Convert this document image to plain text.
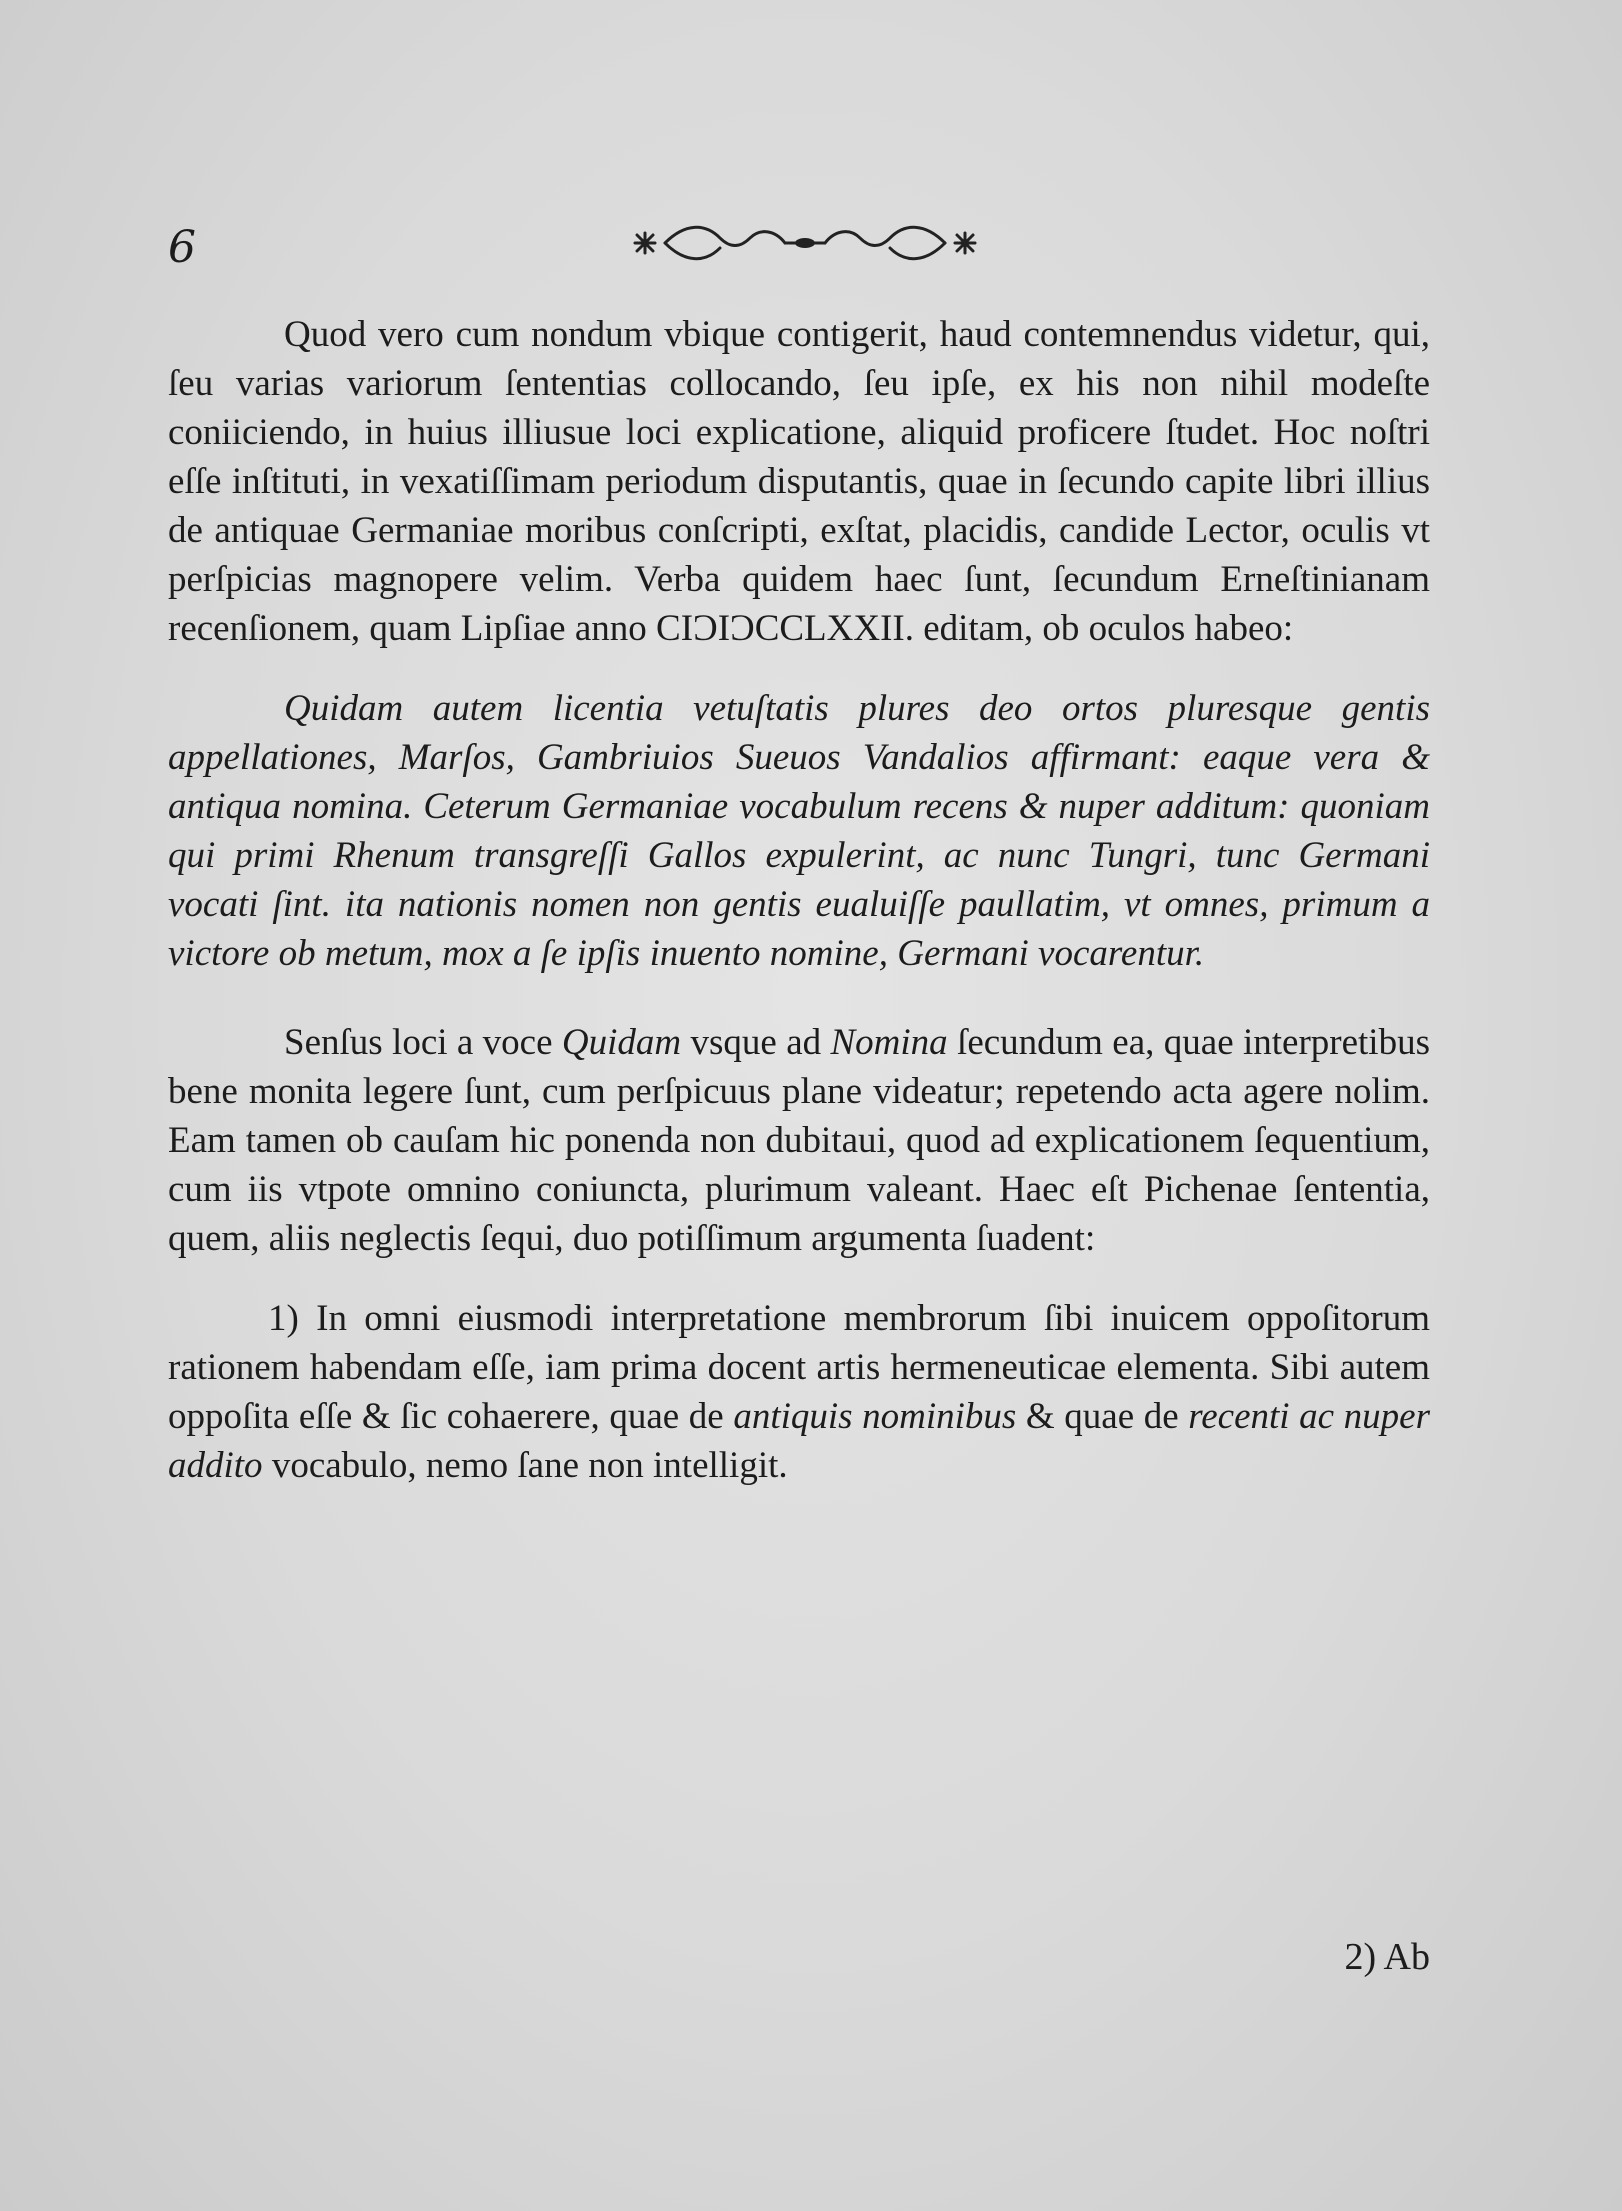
6

Quod vero cum nondum vbique contigerit, haud contemnendus videtur, qui, ſeu varias variorum ſententias collocando, ſeu ipſe, ex his non nihil modeſte coniiciendo, in huius illiusue loci explicatione, aliquid proficere ſtudet. Hoc noſtri eſſe inſtituti, in vexatiſſimam periodum disputantis, quae in ſecundo capite libri illius de antiquae Germaniae moribus conſcripti, exſtat, placidis, candide Lector, oculis vt perſpicias magnopere velim. Verba quidem haec ſunt, ſecundum Erneſtinianam recenſionem, quam Lipſiae anno CIƆIƆCCLXXII. editam, ob oculos habeo:

Quidam autem licentia vetuſtatis plures deo ortos pluresque gentis appellationes, Marſos, Gambriuios Sueuos Vandalios affirmant: eaque vera & antiqua nomina. Ceterum Germaniae vocabulum recens & nuper additum: quoniam qui primi Rhenum transgreſſi Gallos expulerint, ac nunc Tungri, tunc Germani vocati ſint. ita nationis nomen non gentis eualuiſſe paullatim, vt omnes, primum a victore ob metum, mox a ſe ipſis inuento nomine, Germani vocarentur.

Senſus loci a voce Quidam vsque ad Nomina ſecundum ea, quae interpretibus bene monita legere ſunt, cum perſpicuus plane videatur; repetendo acta agere nolim. Eam tamen ob cauſam hic ponenda non dubitaui, quod ad explicationem ſequentium, cum iis vtpote omnino coniuncta, plurimum valeant. Haec eſt Pichenae ſententia, quem, aliis neglectis ſequi, duo potiſſimum argumenta ſuadent:

1) In omni eiusmodi interpretatione membrorum ſibi inuicem oppoſitorum rationem habendam eſſe, iam prima docent artis hermeneuticae elementa. Sibi autem oppoſita eſſe & ſic cohaerere, quae de antiquis nominibus & quae de recenti ac nuper addito vocabulo, nemo ſane non intelligit.

2) Ab
